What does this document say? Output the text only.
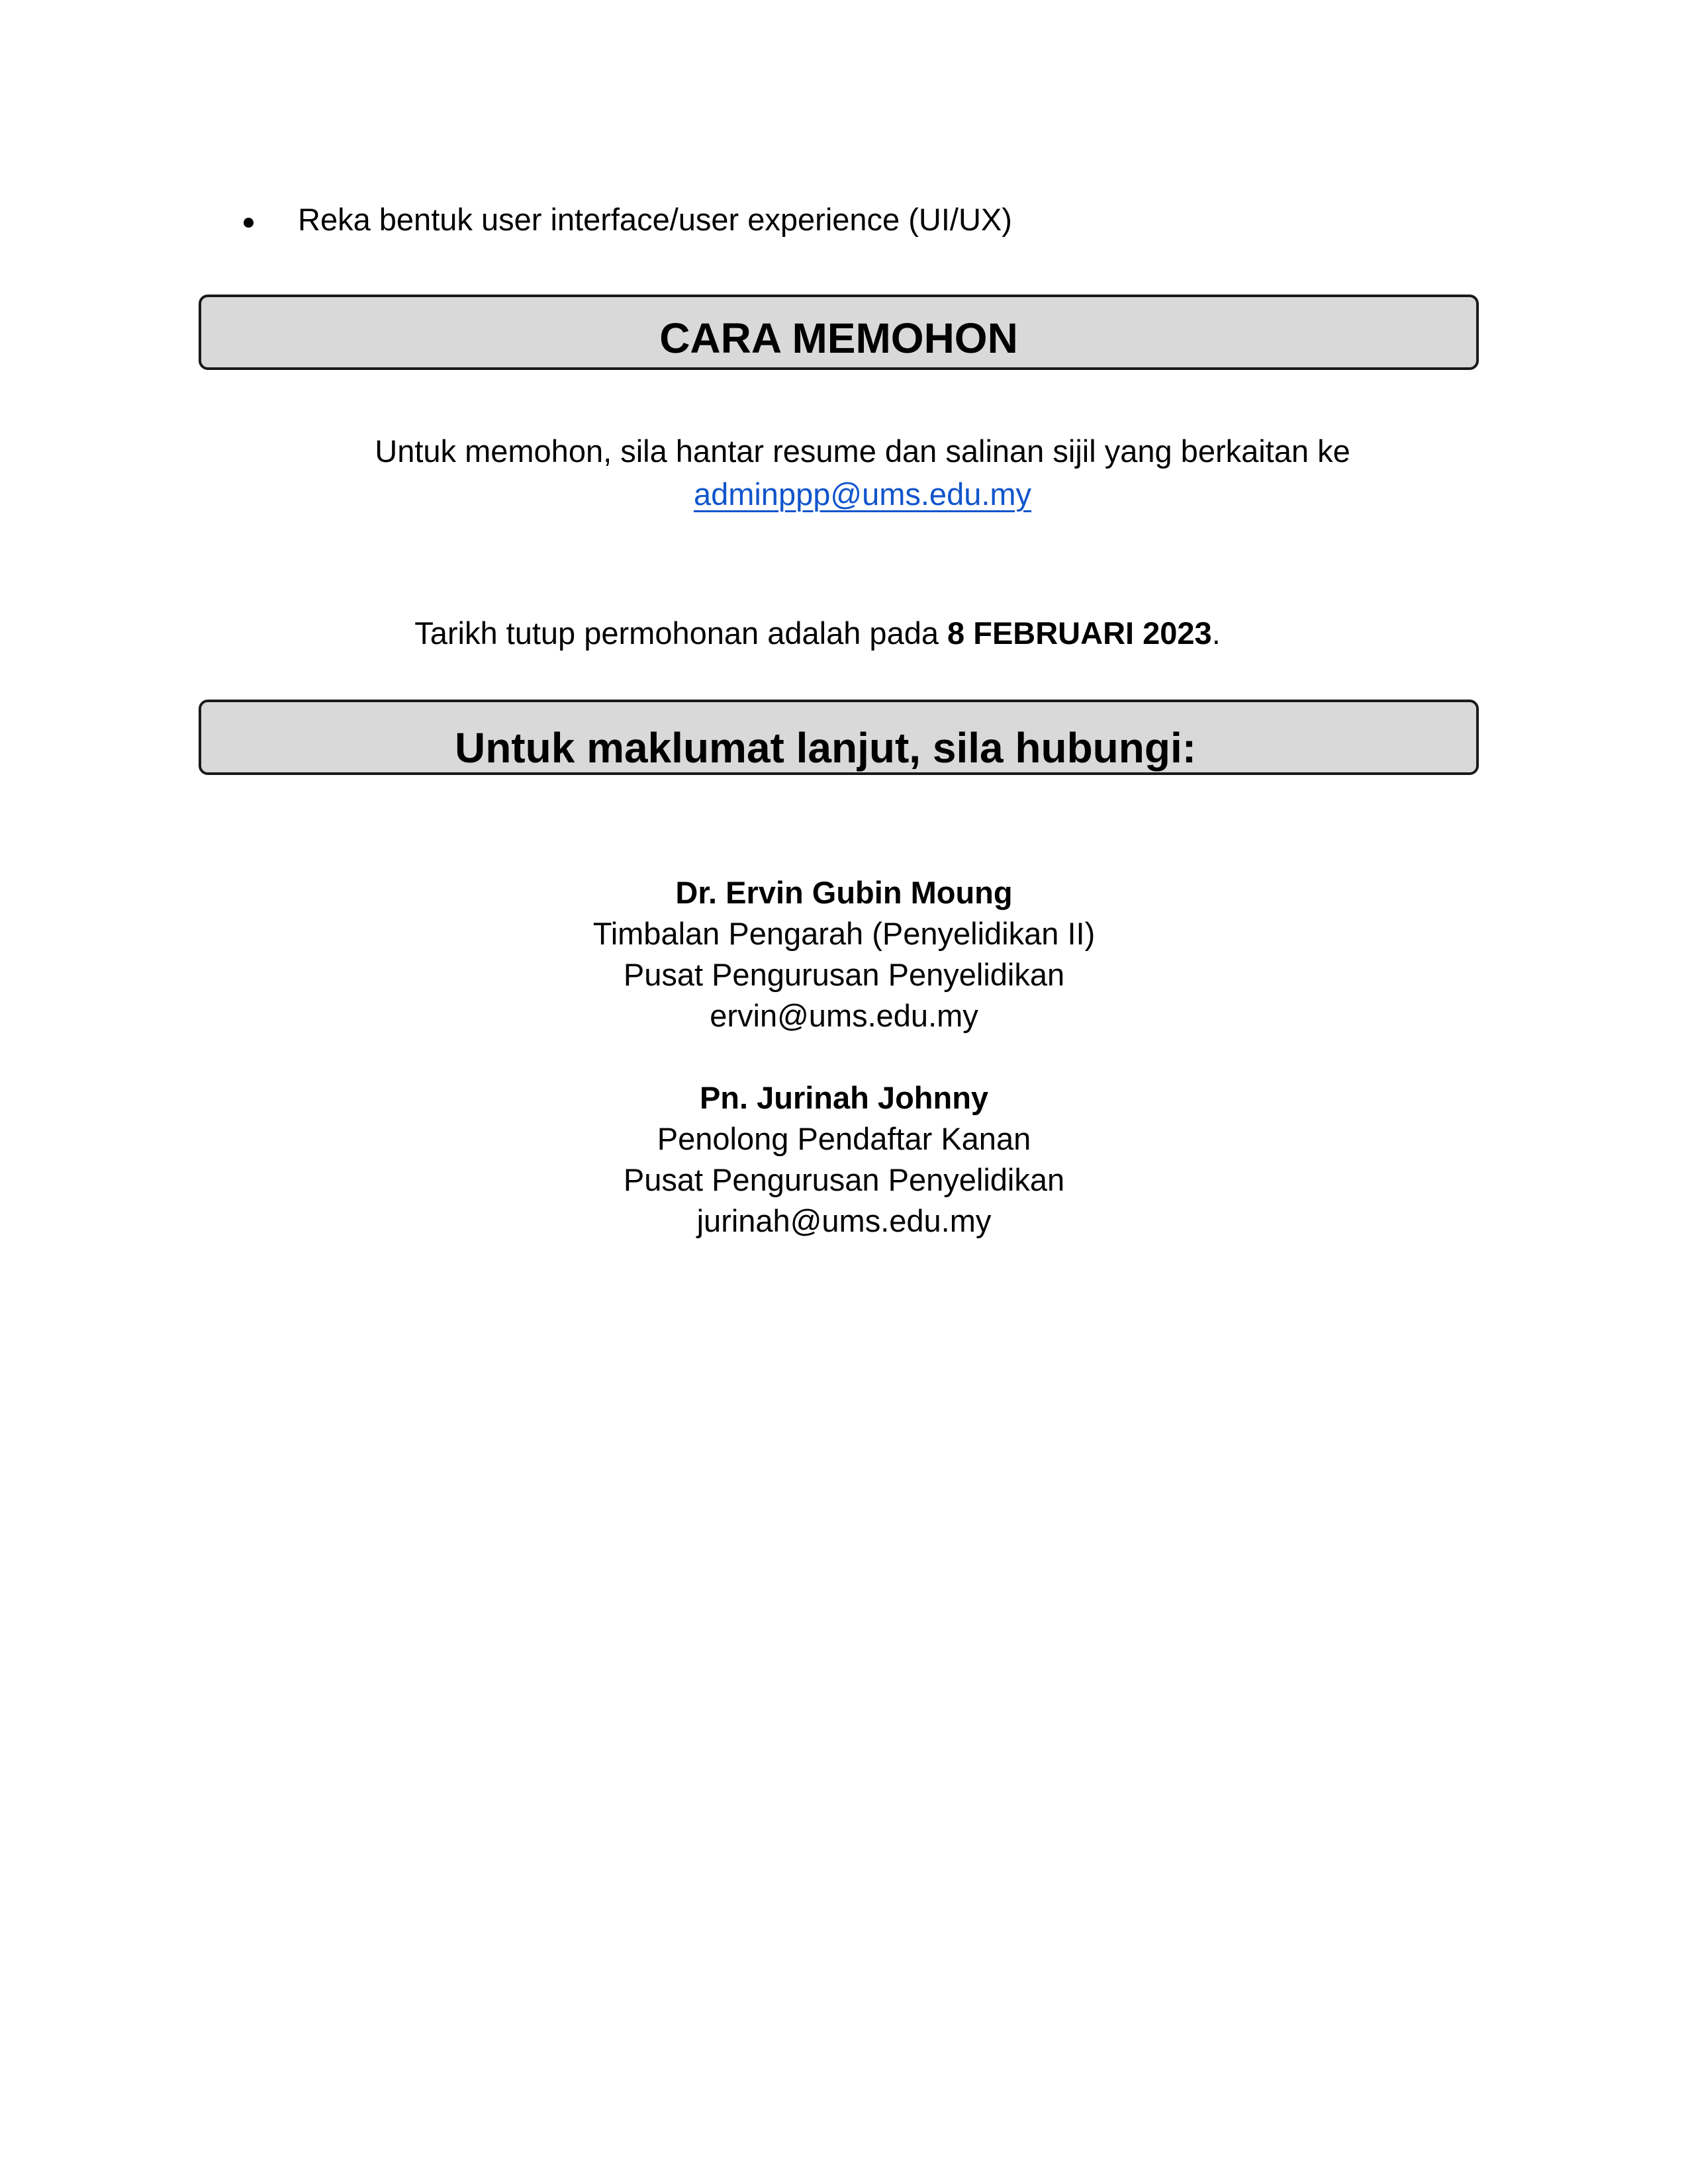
Reka bentuk user interface/user experience (UI/UX)
CARA MEMOHON
Untuk memohon, sila hantar resume dan salinan sijil yang berkaitan ke
adminppp@ums.edu.my
Tarikh tutup permohonan adalah pada 8 FEBRUARI 2023.
Untuk maklumat lanjut, sila hubungi:
Dr. Ervin Gubin Moung
Timbalan Pengarah (Penyelidikan II)
Pusat Pengurusan Penyelidikan
ervin@ums.edu.my
Pn. Jurinah Johnny
Penolong Pendaftar Kanan
Pusat Pengurusan Penyelidikan
jurinah@ums.edu.my
